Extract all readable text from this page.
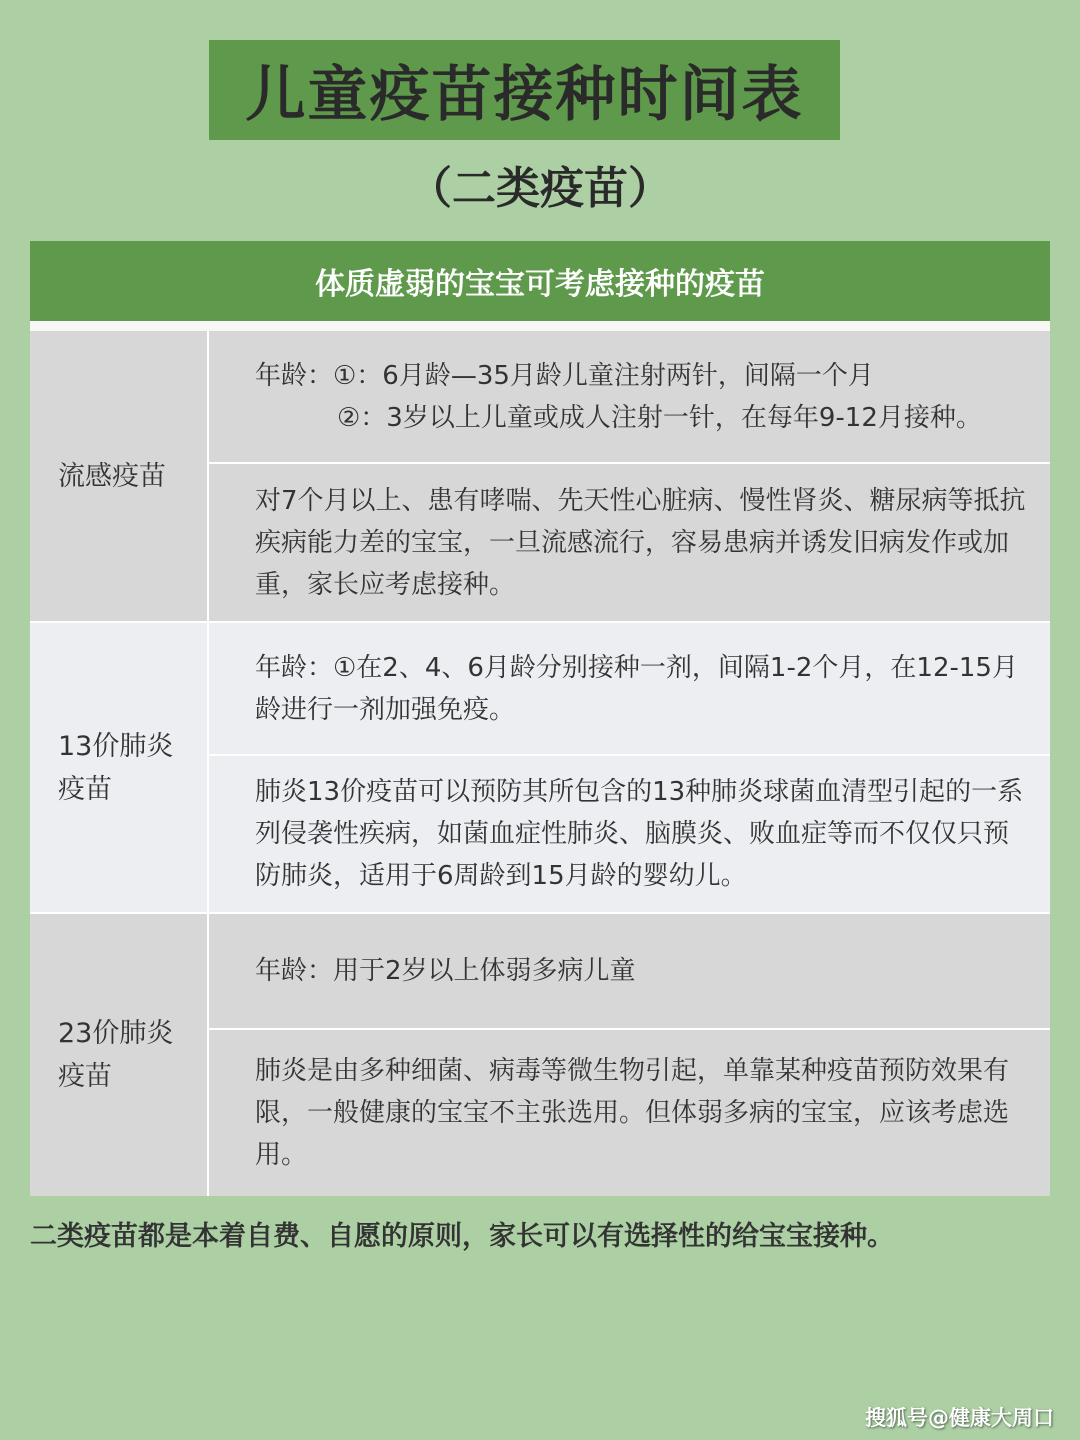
儿童疫苗接种时间表
（二类疫苗）
体质虚弱的宝宝可考虑接种的疫苗
流感疫苗
年龄：①：6月龄—35月龄儿童注射两针，间隔一个月
②：3岁以上儿童或成人注射一针，在每年9-12月接种。
对7个月以上、患有哮喘、先天性心脏病、慢性肾炎、糖尿病等抵抗疾病能力差的宝宝，一旦流感流行，容易患病并诱发旧病发作或加重，家长应考虑接种。
13价肺炎疫苗
年龄：①在2、4、6月龄分别接种一剂，间隔1-2个月，在12-15月龄进行一剂加强免疫。
肺炎13价疫苗可以预防其所包含的13种肺炎球菌血清型引起的一系列侵袭性疾病，如菌血症性肺炎、脑膜炎、败血症等而不仅仅只预防肺炎，适用于6周龄到15月龄的婴幼儿。
23价肺炎疫苗
年龄：用于2岁以上体弱多病儿童
肺炎是由多种细菌、病毒等微生物引起，单靠某种疫苗预防效果有限，一般健康的宝宝不主张选用。但体弱多病的宝宝，应该考虑选用。
二类疫苗都是本着自费、自愿的原则，家长可以有选择性的给宝宝接种。
搜狐号@健康大周口
